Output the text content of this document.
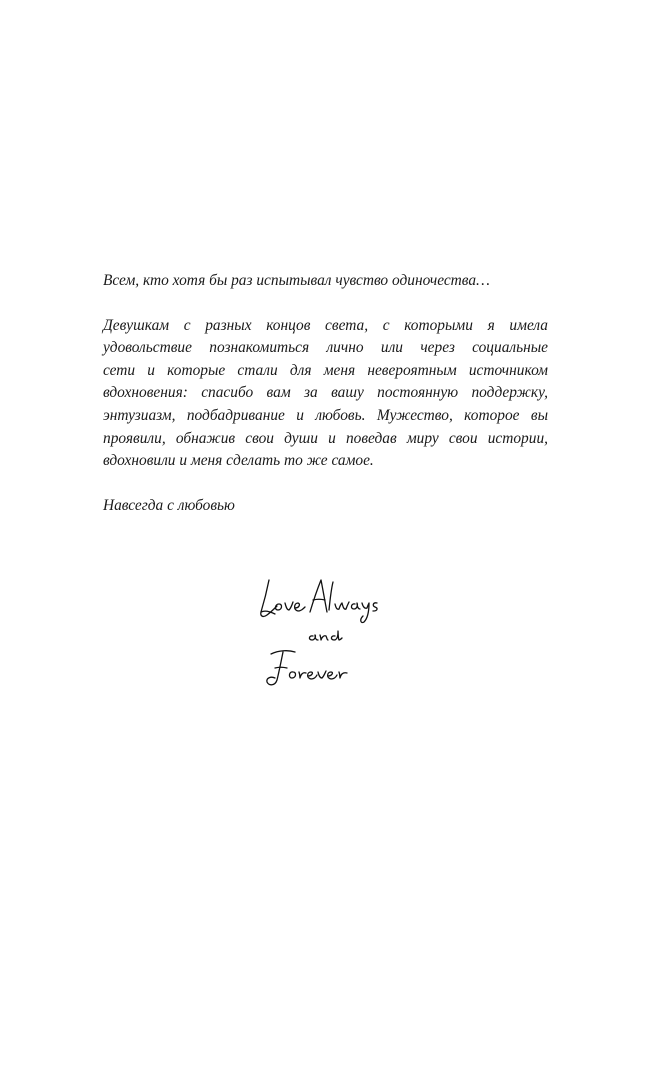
Всем, кто хотя бы раз испытывал чувство одиночества…

Девушкам с разных концов света, с которыми я имела
удовольствие познакомиться лично или через социальные
сети и которые стали для меня невероятным источником
вдохновения: спасибо вам за вашу постоянную поддержку,
энтузиазм, подбадривание и любовь. Мужество, которое вы
проявили, обнажив свои души и поведав миру свои истории,
вдохновили и меня сделать то же самое.

Навсегда с любовью
